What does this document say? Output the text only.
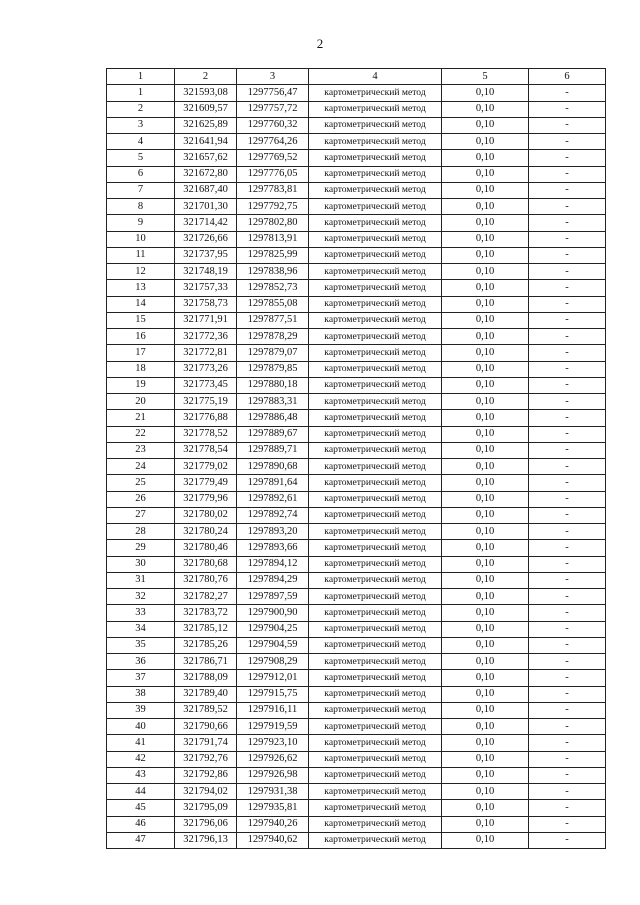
2
1	2	3	4	5	6
1	321593,08	1297756,47	картометрический метод	0,10	-
2	321609,57	1297757,72	картометрический метод	0,10	-
3	321625,89	1297760,32	картометрический метод	0,10	-
4	321641,94	1297764,26	картометрический метод	0,10	-
5	321657,62	1297769,52	картометрический метод	0,10	-
6	321672,80	1297776,05	картометрический метод	0,10	-
7	321687,40	1297783,81	картометрический метод	0,10	-
8	321701,30	1297792,75	картометрический метод	0,10	-
9	321714,42	1297802,80	картометрический метод	0,10	-
10	321726,66	1297813,91	картометрический метод	0,10	-
11	321737,95	1297825,99	картометрический метод	0,10	-
12	321748,19	1297838,96	картометрический метод	0,10	-
13	321757,33	1297852,73	картометрический метод	0,10	-
14	321758,73	1297855,08	картометрический метод	0,10	-
15	321771,91	1297877,51	картометрический метод	0,10	-
16	321772,36	1297878,29	картометрический метод	0,10	-
17	321772,81	1297879,07	картометрический метод	0,10	-
18	321773,26	1297879,85	картометрический метод	0,10	-
19	321773,45	1297880,18	картометрический метод	0,10	-
20	321775,19	1297883,31	картометрический метод	0,10	-
21	321776,88	1297886,48	картометрический метод	0,10	-
22	321778,52	1297889,67	картометрический метод	0,10	-
23	321778,54	1297889,71	картометрический метод	0,10	-
24	321779,02	1297890,68	картометрический метод	0,10	-
25	321779,49	1297891,64	картометрический метод	0,10	-
26	321779,96	1297892,61	картометрический метод	0,10	-
27	321780,02	1297892,74	картометрический метод	0,10	-
28	321780,24	1297893,20	картометрический метод	0,10	-
29	321780,46	1297893,66	картометрический метод	0,10	-
30	321780,68	1297894,12	картометрический метод	0,10	-
31	321780,76	1297894,29	картометрический метод	0,10	-
32	321782,27	1297897,59	картометрический метод	0,10	-
33	321783,72	1297900,90	картометрический метод	0,10	-
34	321785,12	1297904,25	картометрический метод	0,10	-
35	321785,26	1297904,59	картометрический метод	0,10	-
36	321786,71	1297908,29	картометрический метод	0,10	-
37	321788,09	1297912,01	картометрический метод	0,10	-
38	321789,40	1297915,75	картометрический метод	0,10	-
39	321789,52	1297916,11	картометрический метод	0,10	-
40	321790,66	1297919,59	картометрический метод	0,10	-
41	321791,74	1297923,10	картометрический метод	0,10	-
42	321792,76	1297926,62	картометрический метод	0,10	-
43	321792,86	1297926,98	картометрический метод	0,10	-
44	321794,02	1297931,38	картометрический метод	0,10	-
45	321795,09	1297935,81	картометрический метод	0,10	-
46	321796,06	1297940,26	картометрический метод	0,10	-
47	321796,13	1297940,62	картометрический метод	0,10	-
